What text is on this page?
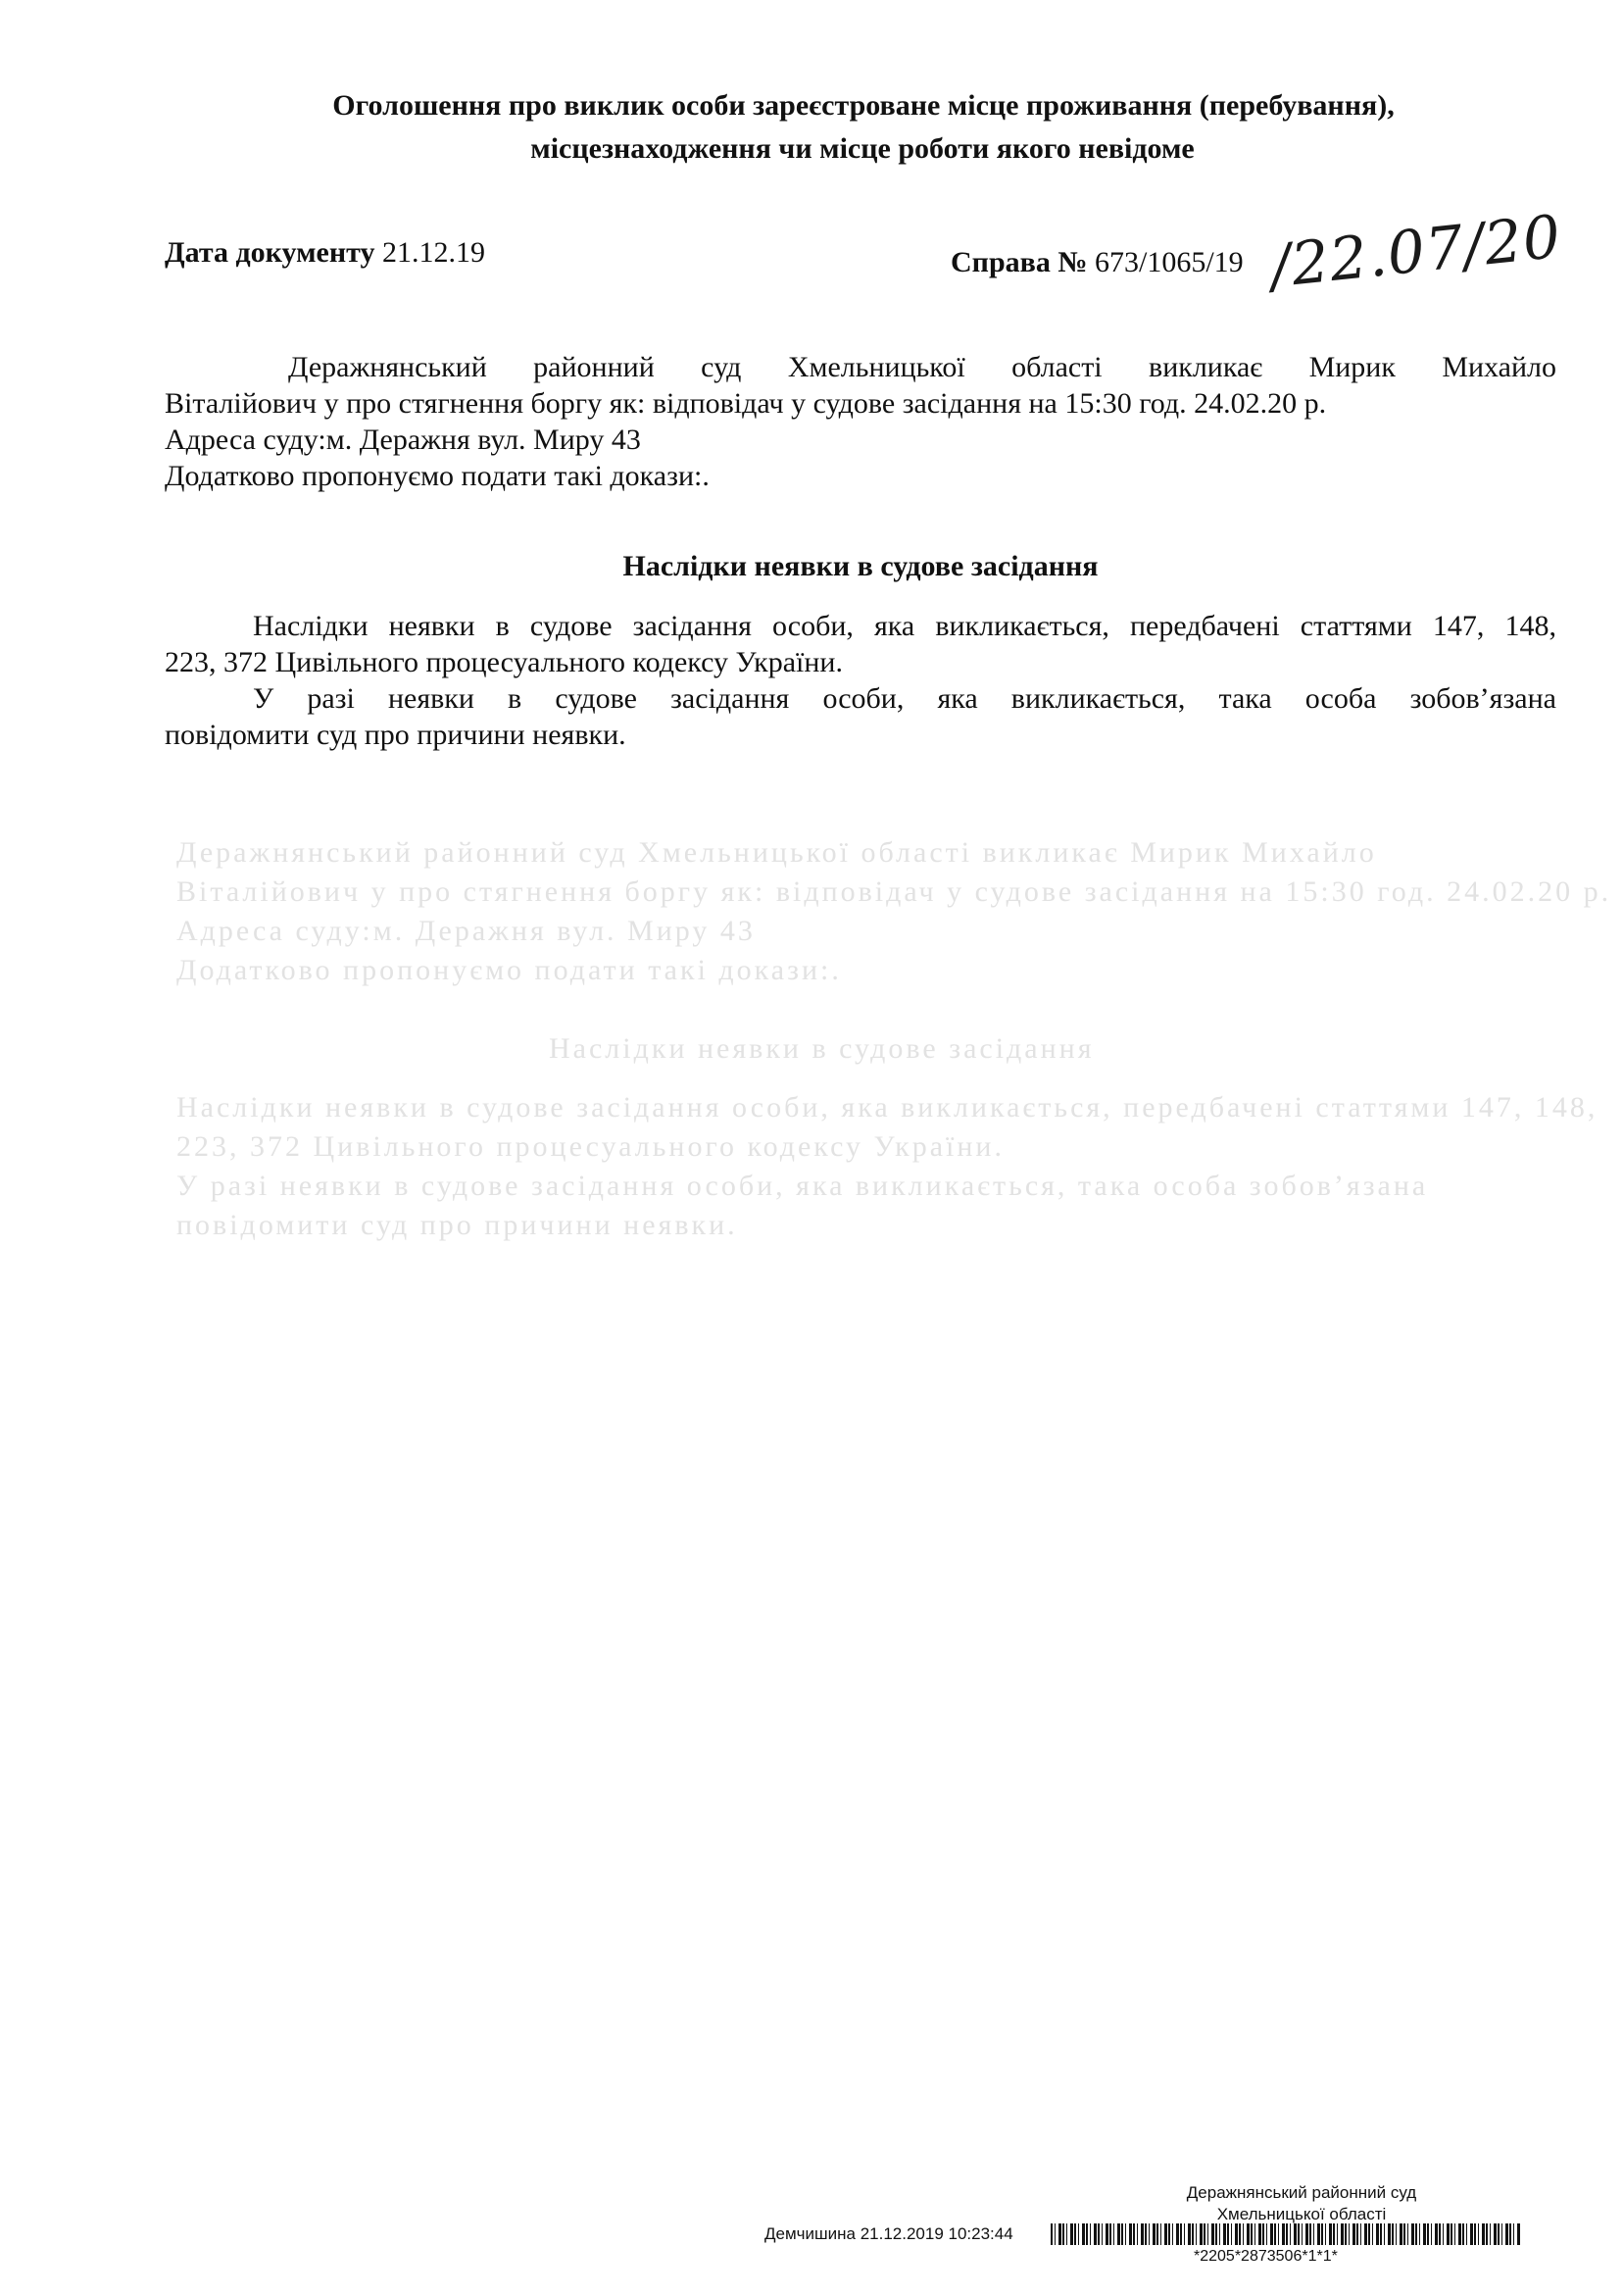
Оголошення про виклик особи зареєстроване місце проживання (перебування),
місцезнаходження чи місце роботи якого невідоме
Дата документу 21.12.19	Справа № 673/1065/19 /22.07/20
Деражнянський районний суд Хмельницької області викликає Мирик Михайло
Віталійович у про стягнення боргу як: відповідач у судове засідання на 15:30 год. 24.02.20 р.
Адреса суду:м. Деражня вул. Миру 43
Додатково пропонуємо подати такі докази:.
Наслідки неявки в судове засідання
Наслідки неявки в судове засідання особи, яка викликається, передбачені статтями 147, 148,
223, 372 Цивільного процесуального кодексу України.
У разі неявки в судове засідання особи, яка викликається, така особа зобов’язана
повідомити суд про причини неявки.
Деражнянський районний суд Хмельницької області викликає Мирик Михайло
Віталійович у про стягнення боргу як: відповідач у судове засідання на 15:30 год. 24.02.20 р.
Адреса суду:м. Деражня вул. Миру 43
Додатково пропонуємо подати такі докази:.
Наслідки неявки в судове засідання
Наслідки неявки в судове засідання особи, яка викликається, передбачені статтями 147, 148,
223, 372 Цивільного процесуального кодексу України.
У разі неявки в судове засідання особи, яка викликається, така особа зобов’язана
повідомити суд про причини неявки.
Деражнянський районний суд
Хмельницької області
Демчишина 21.12.2019 10:23:44
*2205*2873506*1*1*
